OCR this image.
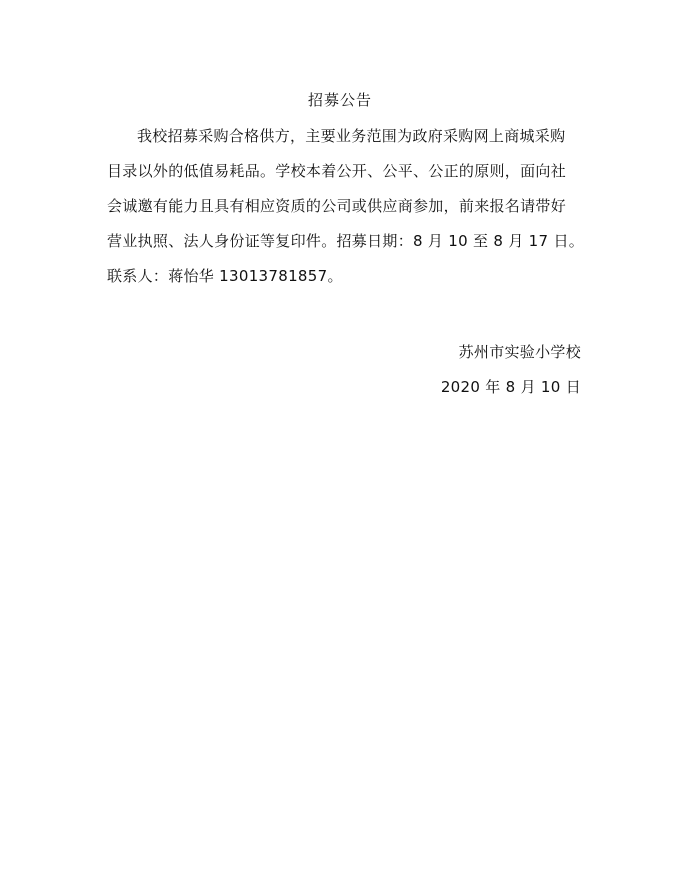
招募公告
我校招募采购合格供方，主要业务范围为政府采购网上商城采购
目录以外的低值易耗品。学校本着公开、公平、公正的原则，面向社
会诚邀有能力且具有相应资质的公司或供应商参加，前来报名请带好
营业执照、法人身份证等复印件。招募日期：8 月 10 至 8 月 17 日。
联系人：蒋怡华 13013781857。
苏州市实验小学校
2020 年 8 月 10 日
